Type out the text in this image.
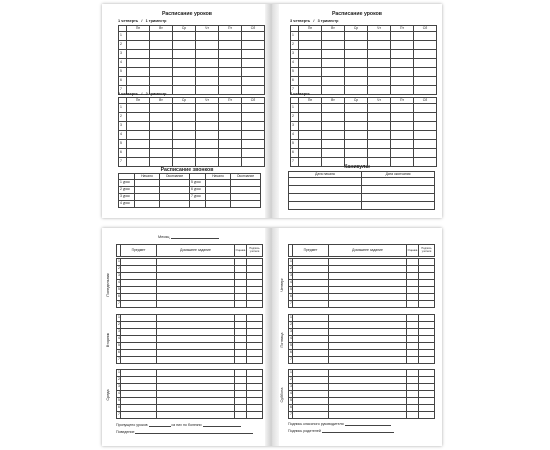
Расписание уроков
1 четверть / 1 триместр
	Пн	Вт	Ср	Чт	Пт	Сб
1						
2						
3						
4						
5						
6						
7						
2 четверть / 2 триместр
	Пн	Вт	Ср	Чт	Пт	Сб
1						
2						
3						
4						
5						
6						
7						
Расписание звонков
	Начало	Окончание		Начало	Окончание
1 урок			5 урок		
2 урок			6 урок		
3 урок			7 урок		
4 урок					
Расписание уроков
3 четверть / 3 триместр
	Пн	Вт	Ср	Чт	Пт	Сб
1						
2						
3						
4						
5						
6						
7						
4 четверть
	Пн	Вт	Ср	Чт	Пт	Сб
1						
2						
3						
4						
5						
6						
7						
Каникулы
Дата начала	Дата окончания

Месяц
	Предмет	Домашнее задание	Оценка	Подпись учителя
Понедельник
1				
2				
3				
4				
5				
6				
7				
Вторник
1				
2				
3				
4				
5				
6				
7				
Среда
1				
2				
3				
4				
5				
6				
7				
Пропущено уроков	из них по болезни
Поведение
	Предмет	Домашнее задание	Оценка	Подпись учителя
Четверг
1				
2				
3				
4				
5				
6				
7				
Пятница
1				
2				
3				
4				
5				
6				
7				
Суббота
1				
2				
3				
4				
5				
6				
7				
Подпись классного руководителя
Подпись родителей
